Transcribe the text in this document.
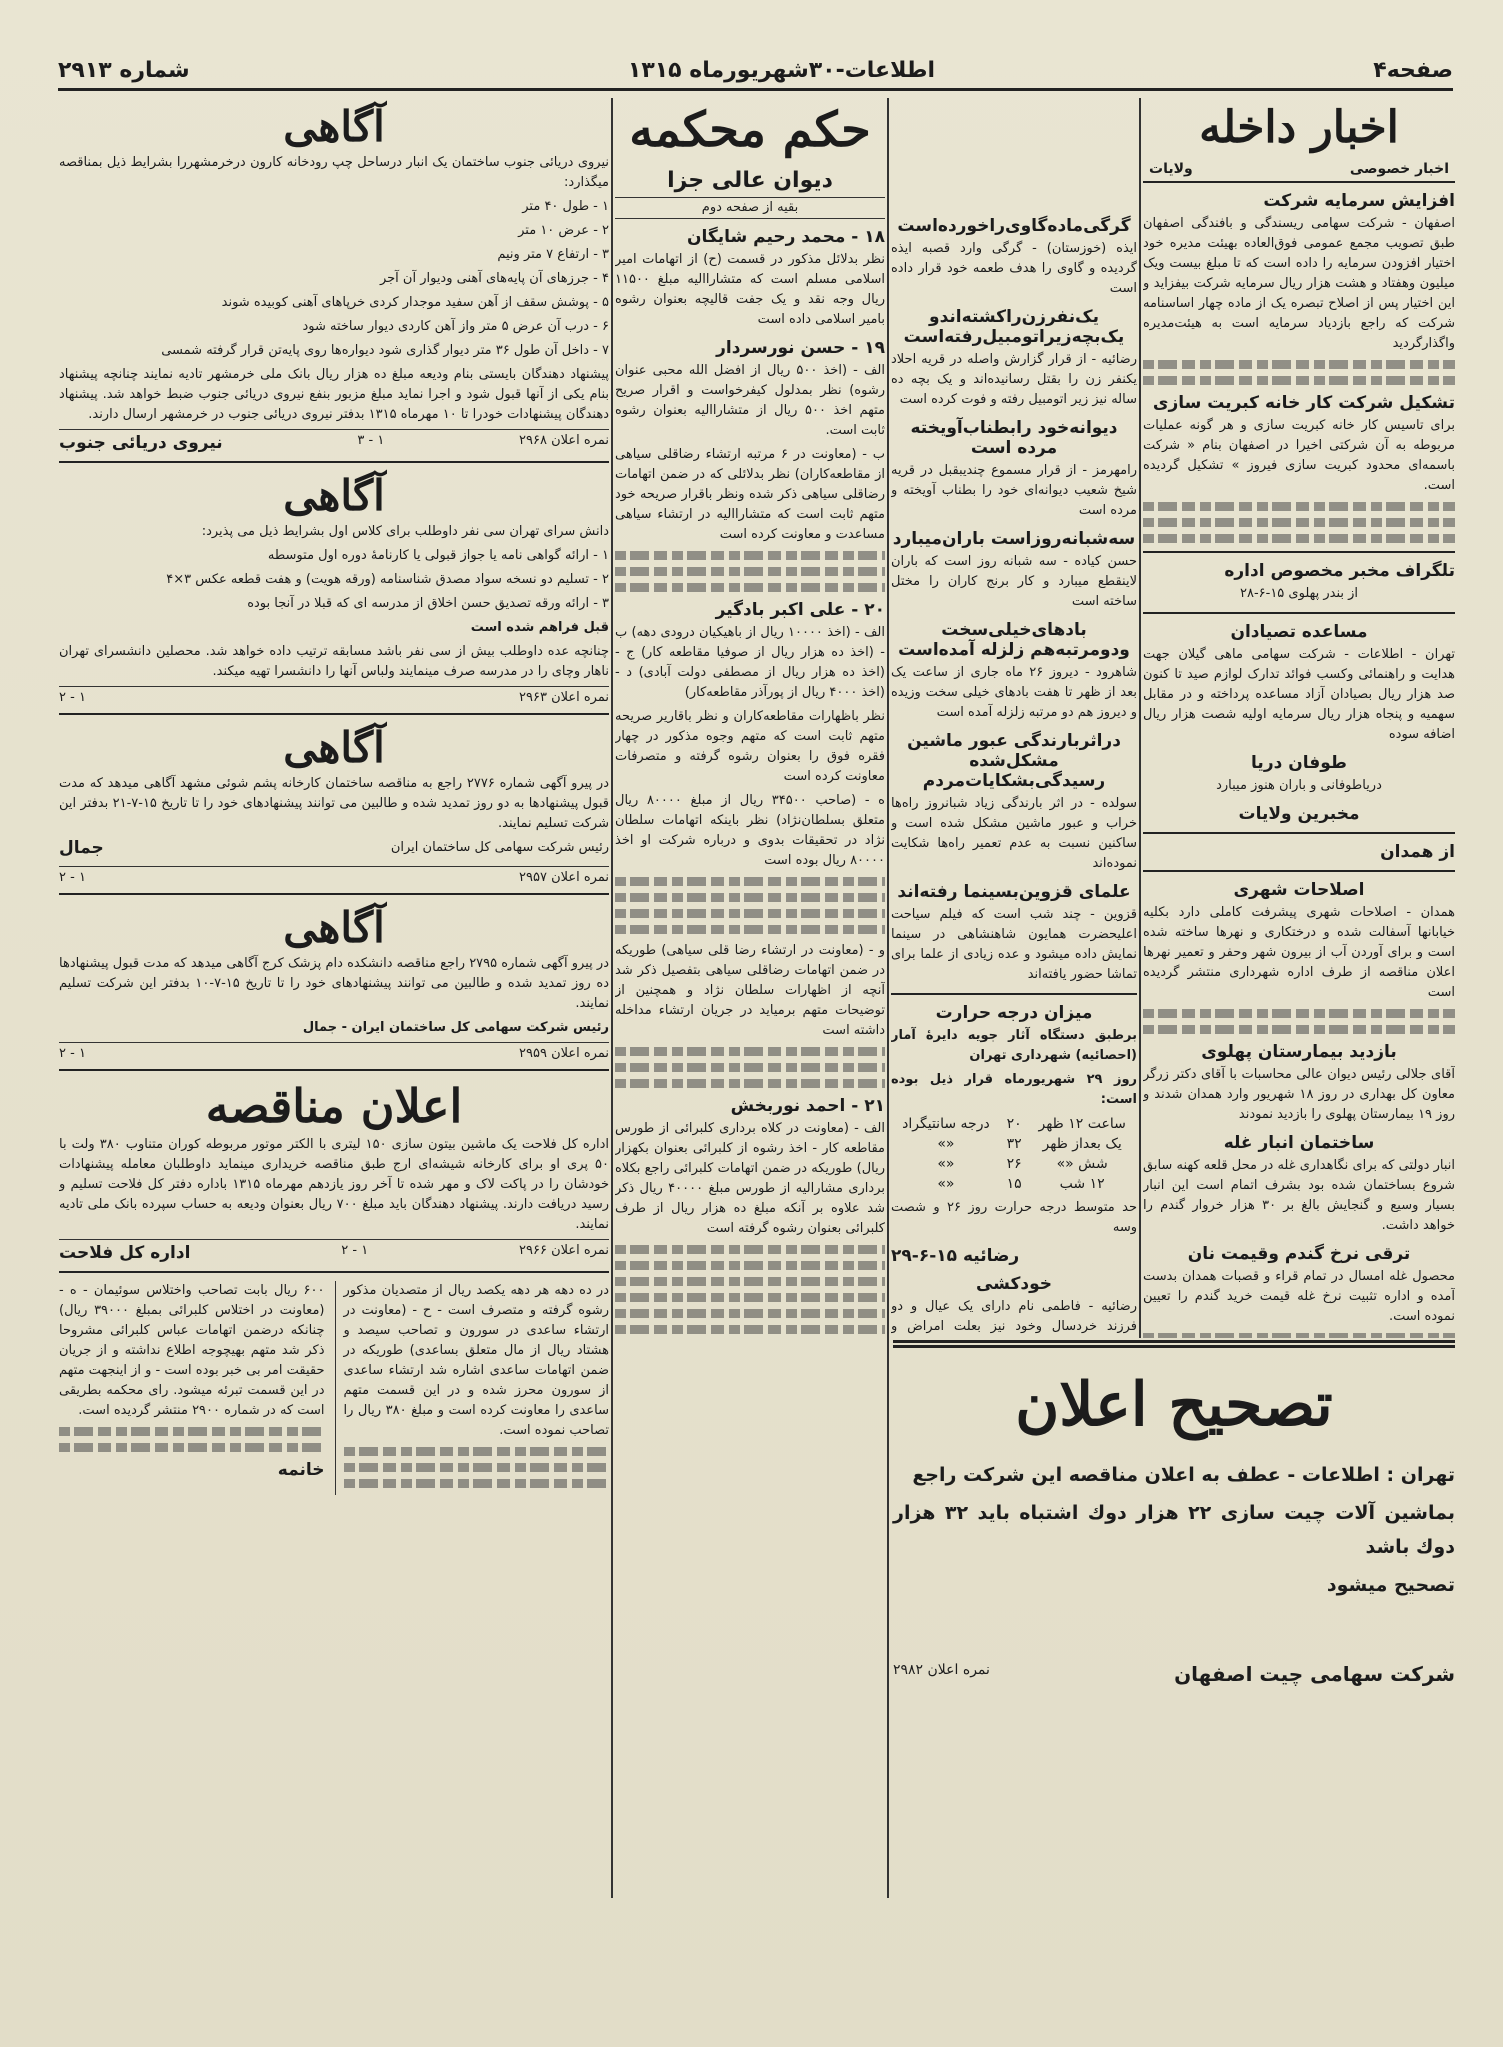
صفحه۴
اطلاعات-۳۰شهریورماه ۱۳۱۵
شماره ۲۹۱۳
اخبار داخله
اخبار خصوصی
ولایات
افزایش سرمایه شرکت

اصفهان - شرکت سهامی ریسندگی و بافندگی اصفهان طبق تصویب مجمع عمومی فوق‌العاده بهیئت مدیره خود اختیار افزودن سرمایه را داده است که تا مبلغ بیست ویک میلیون وهفتاد و هشت هزار ریال سرمایه شرکت بیفزاید و این اختیار پس از اصلاح تبصره یک از ماده چهار اساسنامه شرکت که راجع بازدیاد سرمایه است به هیئت‌مدیره واگذارگردید

تشکیل شرکت کار خانه کبریت سازی

برای تاسیس کار خانه کبریت سازی و هر گونه عملیات مربوطه به آن شرکتی اخیرا در اصفهان بنام « شرکت باسمه‌ای محدود کبریت سازی فیروز » تشکیل گردیده است.

تلگراف مخبر مخصوص اداره

از بندر پهلوی ۱۵-۶-۲۸

مساعده تصیادان

تهران - اطلاعات - شرکت سهامی ماهی گیلان جهت هدایت و راهنمائی وکسب فوائد تدارک لوازم صید تا کنون صد هزار ریال بصیادان آزاد مساعده پرداخته و در مقابل سهمیه و پنجاه هزار ریال سرمایه اولیه شصت هزار ریال اضافه سوده

طوفان دریا

دریاطوفانی و باران هنوز میبارد

مخبرین ولایات
از همدان
اصلاحات شهری

همدان - اصلاحات شهری پیشرفت کاملی دارد بکلیه خیابانها آسفالت شده و درختکاری و نهرها ساخته شده است و برای آوردن آب از بیرون شهر وحفر و تعمیر نهرها اعلان مناقصه از طرف اداره شهرداری منتشر گردیده است

بازدید بیمارستان پهلوی

آقای جلالی رئیس دیوان عالی محاسبات با آقای دکتر زرگر معاون کل بهداری در روز ۱۸ شهریور وارد همدان شدند و روز ۱۹ بیمارستان پهلوی را بازدید نمودند

ساختمان انبار غله

انبار دولتی که برای نگاهداری غله در محل قلعه کهنه سابق شروع بساختمان شده بود بشرف اتمام است این انبار بسیار وسیع و گنجایش بالغ بر ۳۰ هزار خروار گندم را خواهد داشت.

ترقی نرخ گندم وقیمت نان

محصول غله امسال در تمام قراء و قصبات همدان بدست آمده و اداره تثبیت نرخ غله قیمت خرید گندم را تعیین نموده است.

گرگی‌ماده‌گاوی‌راخورده‌است

ایذه (خوزستان) - گرگی وارد قصبه ایذه گردیده و گاوی را هدف طعمه خود قرار داده است

یک‌نفرزن‌راکشته‌اندو یک‌بچه‌زیراتومبیل‌رفته‌است

رضائیه - از قرار گزارش واصله در قریه احلاد یکنفر زن را بقتل رسانیده‌اند و یک بچه ده ساله نیز زیر اتومبیل رفته و فوت کرده است

دیوانه‌خود رابطناب‌آویخته مرده است

رامهرمز - از قرار مسموع چندیبقبل در قریه شیخ شعیب دیوانه‌ای خود را بطناب آویخته و مرده است

سه‌شبانه‌روزاست باران‌میبارد

حسن کیاده - سه شبانه روز است که باران لاینقطع میبارد و کار برنج کاران را مختل ساخته است

بادهای‌خیلی‌سخت ودومرتبه‌هم زلزله آمده‌است

شاهرود - دیروز ۲۶ ماه جاری از ساعت یک بعد از ظهر تا هفت بادهای خیلی سخت وزیده و دیروز هم دو مرتبه زلزله آمده است

دراثربارندگی عبور ماشین مشکل‌شده رسیدگی‌بشکایات‌مردم

سولده - در اثر بارندگی زیاد شبانروز راه‌ها خراب و عبور ماشین مشکل شده است و ساکنین نسبت به عدم تعمیر راه‌ها شکایت نموده‌اند

علمای قزوین‌بسینما رفته‌اند

قزوین - چند شب است که فیلم سیاحت اعلیحضرت همایون شاهنشاهی در سینما نمایش داده میشود و عده زیادی از علما برای تماشا حضور یافته‌اند

میزان درجه حرارت

برطبق دستگاه آثار جویه دایرهٔ آمار (احصائیه) شهرداری تهران

روز ۲۹ شهریورماه قرار ذیل بوده است:

ساعت ۱۲ ظهر	۲۰	درجه سانتیگراد
یک بعداز ظهر	۳۲	«»
شش «»	۲۶	«»
۱۲ شب	۱۵	«»

حد متوسط درجه حرارت روز ۲۶ و شصت وسه

رضائیه ۱۵-۶-۲۹
خودکشی

رضائیه - فاطمی نام دارای یک عیال و دو فرزند خردسال وخود نیز بعلت امراض و

حکم محکمه
دیوان عالی جزا

بقیه از صفحه دوم

۱۸ - محمد رحیم شایگان

نظر بدلائل مذکور در قسمت (ح) از اتهامات امیر اسلامی مسلم است که متشاراالیه مبلغ ۱۱۵۰۰ ریال وجه نقد و یک جفت قالیچه بعنوان رشوه بامیر اسلامی داده است

۱۹ - حسن نورسردار

الف - (اخذ ۵۰۰ ریال از افضل الله محبی عنوان رشوه) نظر بمدلول کیفرخواست و اقرار صریح متهم اخذ ۵۰۰ ریال از متشاراالیه بعنوان رشوه ثابت است.

ب - (معاونت در ۶ مرتبه ارتشاء رضاقلی سیاهی از مقاطعه‌کاران) نظر بدلائلی که در ضمن اتهامات رضاقلی سیاهی ذکر شده ونظر باقرار صریحه خود متهم ثابت است که متشاراالیه در ارتشاء سیاهی مساعدت و معاونت کرده است

۲۰ - علی اکبر بادگیر

الف - (اخذ ۱۰۰۰۰ ریال از باهیکیان درودی دهه) ب - (اخذ ده هزار ریال از صوفیا مقاطعه کار) ج - (اخذ ده هزار ریال از مصطفی دولت آبادی) د - (اخذ ۴۰۰۰ ریال از پورآذر مقاطعه‌کار)

نظر باظهارات مقاطعه‌کاران و نظر باقاریر صریحه متهم ثابت است که متهم وجوه مذکور در چهار فقره فوق را بعنوان رشوه گرفته و متصرفات معاونت کرده است

ه - (صاحب ۳۴۵۰۰ ریال از مبلغ ۸۰۰۰۰ ریال متعلق بسلطان‌نژاد) نظر باینکه اتهامات سلطان نژاد در تحقیقات بدوی و درباره شرکت او اخذ ۸۰۰۰۰ ریال بوده است

و - (معاونت در ارتشاء رضا قلی سیاهی) طوریکه در ضمن اتهامات رضاقلی سیاهی بتفصیل ذکر شد آنچه از اظهارات سلطان نژاد و همچنین از توضیحات متهم برمیاید در جریان ارتشاء مداخله داشته است

۲۱ - احمد نوربخش

الف - (معاونت در کلاه برداری کلبرائی از طورس مقاطعه کار - اخذ رشوه از کلبرائی بعنوان بکهزار ریال) طوریکه در ضمن اتهامات کلبرائی راجع بکلاه برداری مشارالیه از طورس مبلغ ۴۰۰۰۰ ریال ذکر شد علاوه بر آنکه مبلغ ده هزار ریال از طرف کلبرائی بعنوان رشوه گرفته است

آگاهی

نیروی دریائی جنوب ساختمان یک انبار درساحل چپ رودخانه کارون درخرمشهررا بشرایط ذیل بمناقصه میگذارد:

۱ - طول ۴۰ متر

۲ - عرض ۱۰ متر

۳ - ارتفاع ۷ متر ونیم

۴ - جرزهای آن پایه‌های آهنی ودیوار آن آجر

۵ - پوشش سقف از آهن سفید موجدار کردی خرپاهای آهنی کوبیده شوند

۶ - درب آن عرض ۵ متر واز آهن کاردی دیوار ساخته شود

۷ - داخل آن طول ۳۶ متر دیوار گذاری شود دیواره‌ها روی پایه‌تن قرار گرفته شمسی

پیشنهاد دهندگان بایستی بنام ودیعه مبلغ ده هزار ریال بانک ملی خرمشهر تادیه نمایند چنانچه پیشنهاد بنام یکی از آنها قبول شود و اجرا نماید مبلغ مزبور بنفع نیروی دریائی جنوب ضبط خواهد شد. پیشنهاد دهندگان پیشنهادات خودرا تا ۱۰ مهرماه ۱۳۱۵ بدفتر نیروی دریائی جنوب در خرمشهر ارسال دارند.

نمره اعلان ۲۹۶۸
۱ - ۳
نیروی دریائی جنوب
آگاهی

دانش سرای تهران سی نفر داوطلب برای کلاس اول بشرایط ذیل می پذیرد:

۱ - ارائه گواهی نامه یا جواز قبولی یا کارنامهٔ دوره اول متوسطه

۲ - تسلیم دو نسخه سواد مصدق شناسنامه (ورقه هویت) و هفت قطعه عکس ۳×۴

۳ - ارائه ورقه تصدیق حسن اخلاق از مدرسه ای که قبلا در آنجا بوده

قبل فراهم شده است

چنانچه عده داوطلب بیش از سی نفر باشد مسابقه ترتیب داده خواهد شد. محصلین دانشسرای تهران ناهار وچای را در مدرسه صرف مینمایند ولباس آنها را دانشسرا تهیه میکند.

نمره اعلان ۲۹۶۳
۱ - ۲
آگاهی

در پیرو آگهی شماره ۲۷۷۶ راجع به مناقصه ساختمان کارخانه پشم شوئی مشهد آگاهی میدهد که مدت قبول پیشنهادها به دو روز تمدید شده و طالبین می توانند پیشنهادهای خود را تا تاریخ ۱۵-۷-۲۱ بدفتر این شرکت تسلیم نمایند.

رئیس شرکت سهامی کل ساختمان ایران

جمال
نمره اعلان ۲۹۵۷
۱ - ۲
آگاهی

در پیرو آگهی شماره ۲۷۹۵ راجع مناقصه دانشکده دام پزشک کرج آگاهی میدهد که مدت قبول پیشنهادها ده روز تمدید شده و طالبین می توانند پیشنهادهای خود را تا تاریخ ۱۵-۷-۱۰ بدفتر این شرکت تسلیم نمایند.

رئیس شرکت سهامی کل ساختمان ایران - جمال

نمره اعلان ۲۹۵۹
۱ - ۲
اعلان مناقصه

اداره کل فلاحت یک ماشین بیتون سازی ۱۵۰ لیتری با الکتر موتور مربوطه کوران متناوب ۳۸۰ ولت با ۵۰ پری او برای کارخانه شیشه‌ای ارج طبق مناقصه خریداری مینماید داوطلبان معامله پیشنهادات خودشان را در پاکت لاک و مهر شده تا آخر روز یازدهم مهرماه ۱۳۱۵ باداره دفتر کل فلاحت تسلیم و رسید دریافت دارند. پیشنهاد دهندگان باید مبلغ ۷۰۰ ریال بعنوان ودیعه به حساب سپرده بانک ملی تادیه نمایند.

نمره اعلان ۲۹۶۶
۱ - ۲
اداره کل فلاحت

در ده دهه هر دهه یکصد ریال از متصدیان مذکور رشوه گرفته و متصرف است - ح - (معاونت در ارتشاء ساعدی در سورون و تصاحب سیصد و هشتاد ریال از مال متعلق بساعدی) طوریکه در ضمن اتهامات ساعدی اشاره شد ارتشاء ساعدی از سورون محرز شده و در این قسمت متهم ساعدی را معاونت کرده است و مبلغ ۳۸۰ ریال را تصاحب نموده است.

۶۰۰ ریال بابت تصاحب واختلاس سوئیمان - ه - (معاونت در اختلاس کلبرائی بمبلغ ۳۹۰۰۰ ریال) چنانکه درضمن اتهامات عباس کلبرائی مشروحا ذکر شد متهم بهیچوجه اطلاع نداشته و از جریان حقیقت امر بی خبر بوده است - و از اینجهت متهم در این قسمت تبرئه میشود. رای محکمه بطریقی است که در شماره ۲۹۰۰ منتشر گردیده است.

خانمه

تصحیح اعلان

تهران : اطلاعات - عطف به اعلان مناقصه این شرکت راجع

بماشین آلات چیت سازی ۲۲ هزار دوك اشتباه باید ۳۲ هزار دوك باشد

تصحیح میشود

شرکت سهامی چیت اصفهان
نمره اعلان ۲۹۸۲
